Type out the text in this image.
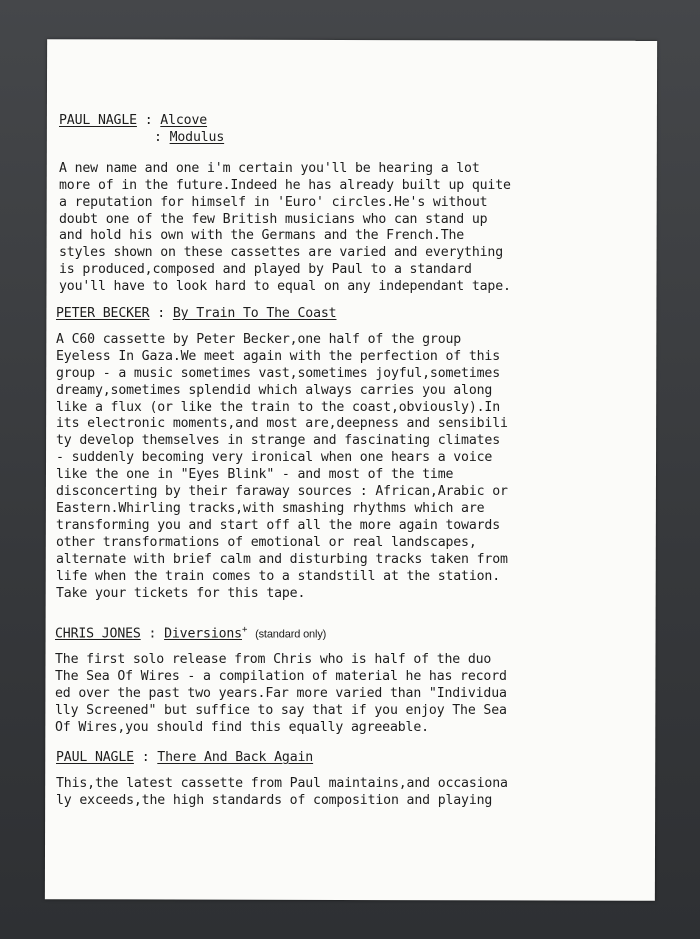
PAUL NAGLE : Alcove
: Modulus
A new name and one i'm certain you'll be hearing a lot
more of in the future.Indeed he has already built up quite
a reputation for himself in 'Euro' circles.He's without
doubt one of the few British musicians who can stand up
and hold his own with the Germans and the French.The
styles shown on these cassettes are varied and everything
is produced,composed and played by Paul to a standard
you'll have to look hard to equal on any independant tape.
PETER BECKER : By Train To The Coast
A C60 cassette by Peter Becker,one half of the group
Eyeless In Gaza.We meet again with the perfection of this
group - a music sometimes vast,sometimes joyful,sometimes
dreamy,sometimes splendid which always carries you along
like a flux (or like the train to the coast,obviously).In
its electronic moments,and most are,deepness and sensibili
ty develop themselves in strange and fascinating climates
- suddenly becoming very ironical when one hears a voice
like the one in "Eyes Blink" - and most of the time
disconcerting by their faraway sources : African,Arabic or
Eastern.Whirling tracks,with smashing rhythms which are
transforming you and start off all the more again towards
other transformations of emotional or real landscapes,
alternate with brief calm and disturbing tracks taken from
life when the train comes to a standstill at the station.
Take your tickets for this tape.
CHRIS JONES : Diversions+ (standard only)
The first solo release from Chris who is half of the duo
The Sea Of Wires - a compilation of material he has record
ed over the past two years.Far more varied than "Individua
lly Screened" but suffice to say that if you enjoy The Sea
Of Wires,you should find this equally agreeable.
PAUL NAGLE : There And Back Again
This,the latest cassette from Paul maintains,and occasiona
ly exceeds,the high standards of composition and playing
